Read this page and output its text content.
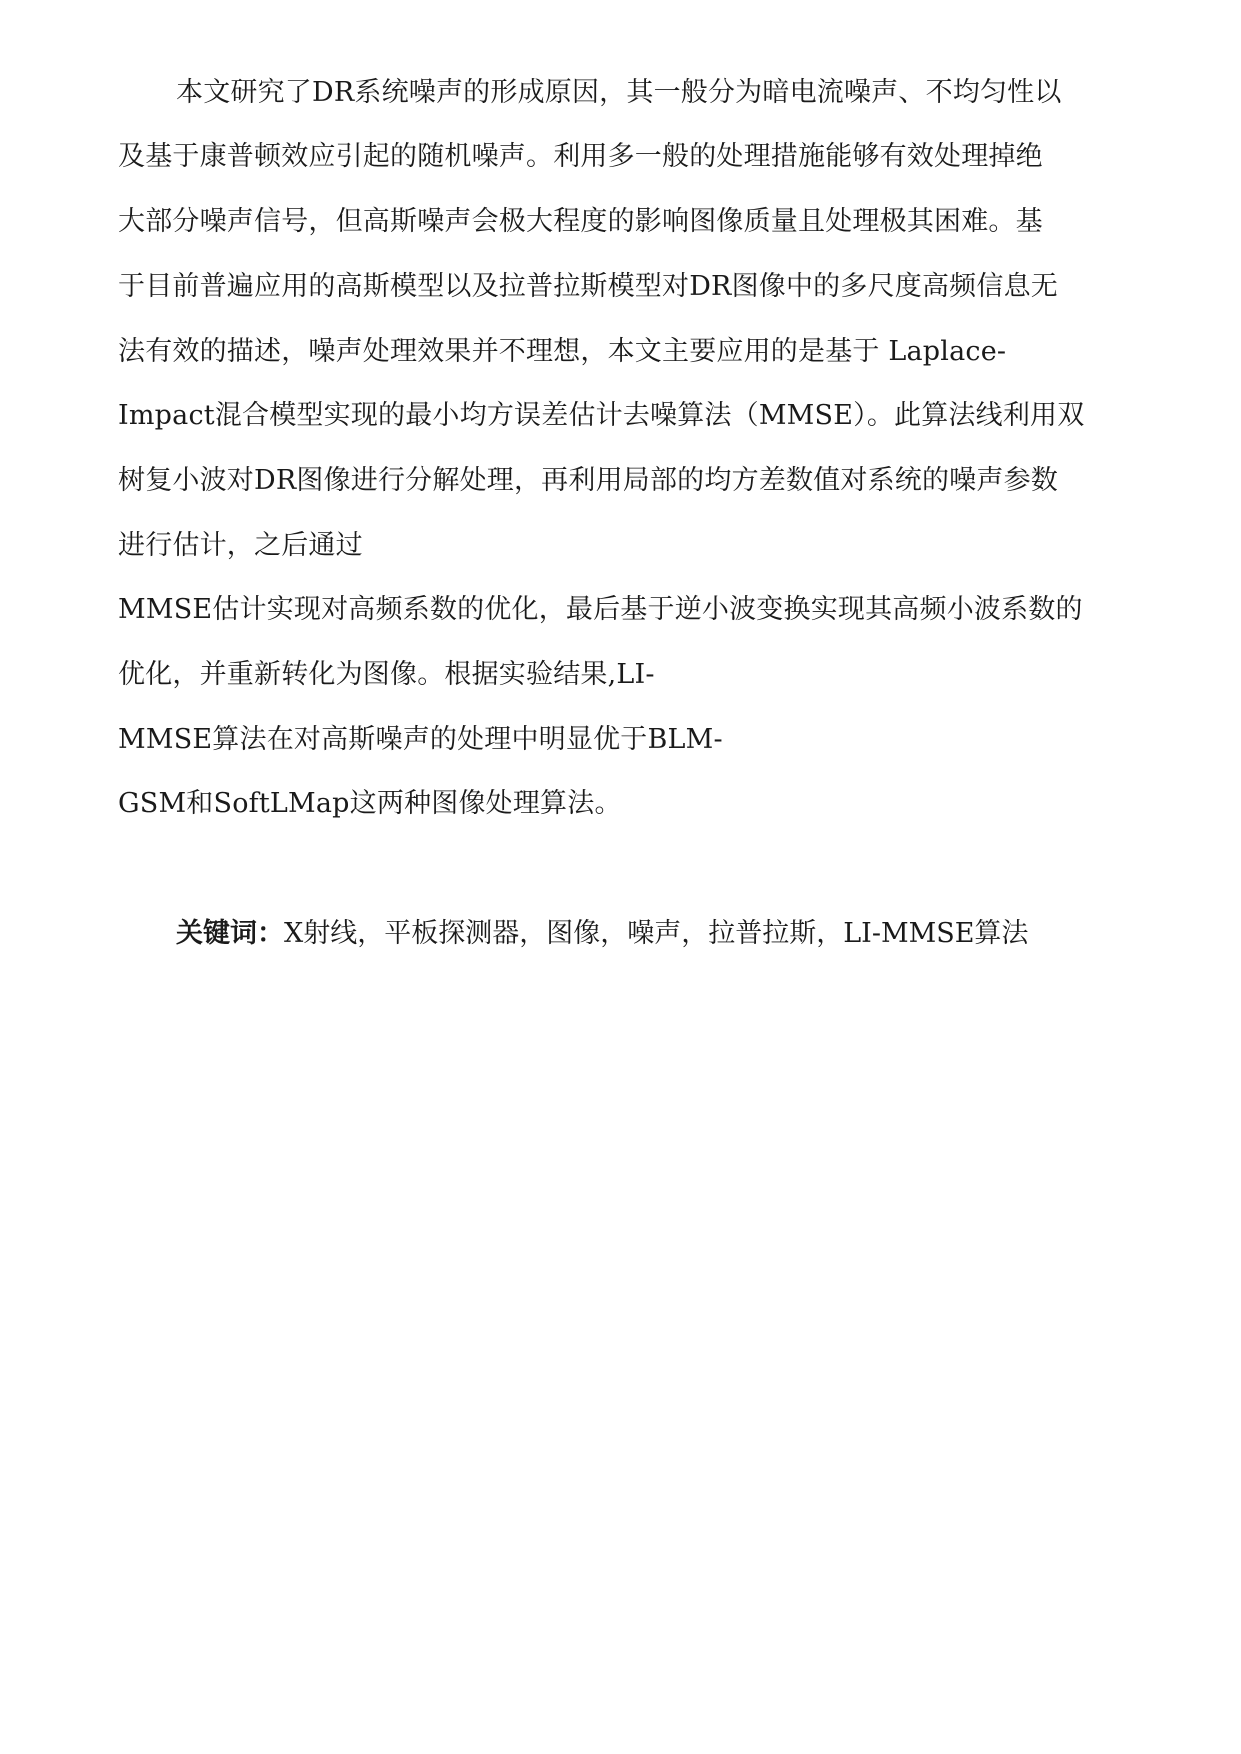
本文研究了DR系统噪声的形成原因，其一般分为暗电流噪声、不均匀性以
及基于康普顿效应引起的随机噪声。利用多一般的处理措施能够有效处理掉绝
大部分噪声信号，但高斯噪声会极大程度的影响图像质量且处理极其困难。基
于目前普遍应用的高斯模型以及拉普拉斯模型对DR图像中的多尺度高频信息无
法有效的描述，噪声处理效果并不理想，本文主要应用的是基于 Laplace-
Impact混合模型实现的最小均方误差估计去噪算法（MMSE）。此算法线利用双
树复小波对DR图像进行分解处理，再利用局部的均方差数值对系统的噪声参数
进行估计，之后通过
MMSE估计实现对高频系数的优化，最后基于逆小波变换实现其高频小波系数的
优化，并重新转化为图像。根据实验结果,LI-
MMSE算法在对高斯噪声的处理中明显优于BLM-
GSM和SoftLMap这两种图像处理算法。
关键词：X射线，平板探测器，图像，噪声，拉普拉斯，LI-MMSE算法
